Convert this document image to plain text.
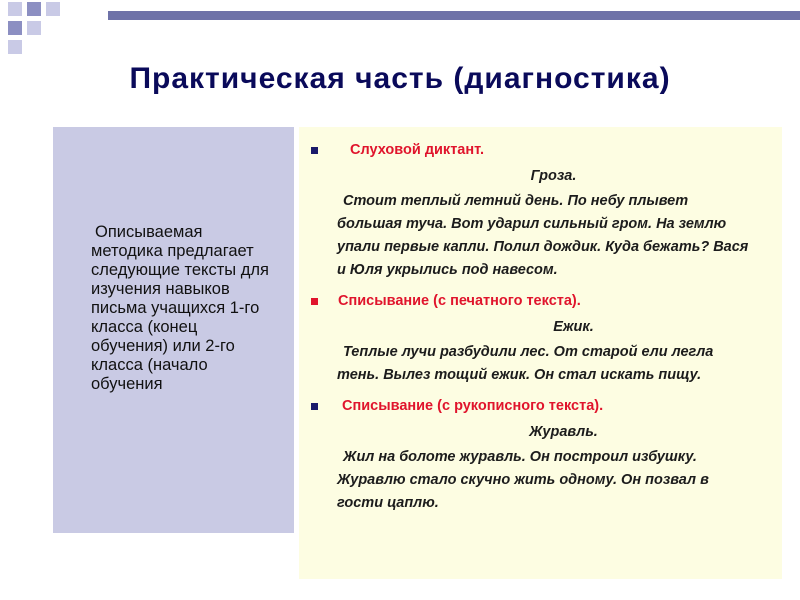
Практическая часть (диагностика)
Описываемая методика предлагает следующие тексты для изучения навыков письма учащихся 1-го класса (конец обучения) или 2-го класса (начало обучения
Слуховой диктант.
Гроза.
Стоит теплый летний день. По небу плывет большая туча. Вот ударил сильный гром. На землю упали первые капли. Полил дождик. Куда бежать? Вася и Юля укрылись под навесом.
Списывание (с печатного текста).
Ежик.
Теплые лучи разбудили лес. От старой ели легла тень. Вылез тощий ежик. Он стал искать пищу.
Списывание (с рукописного текста).
Журавль.
Жил на болоте журавль. Он построил избушку. Журавлю стало скучно жить одному. Он позвал в гости цаплю.
